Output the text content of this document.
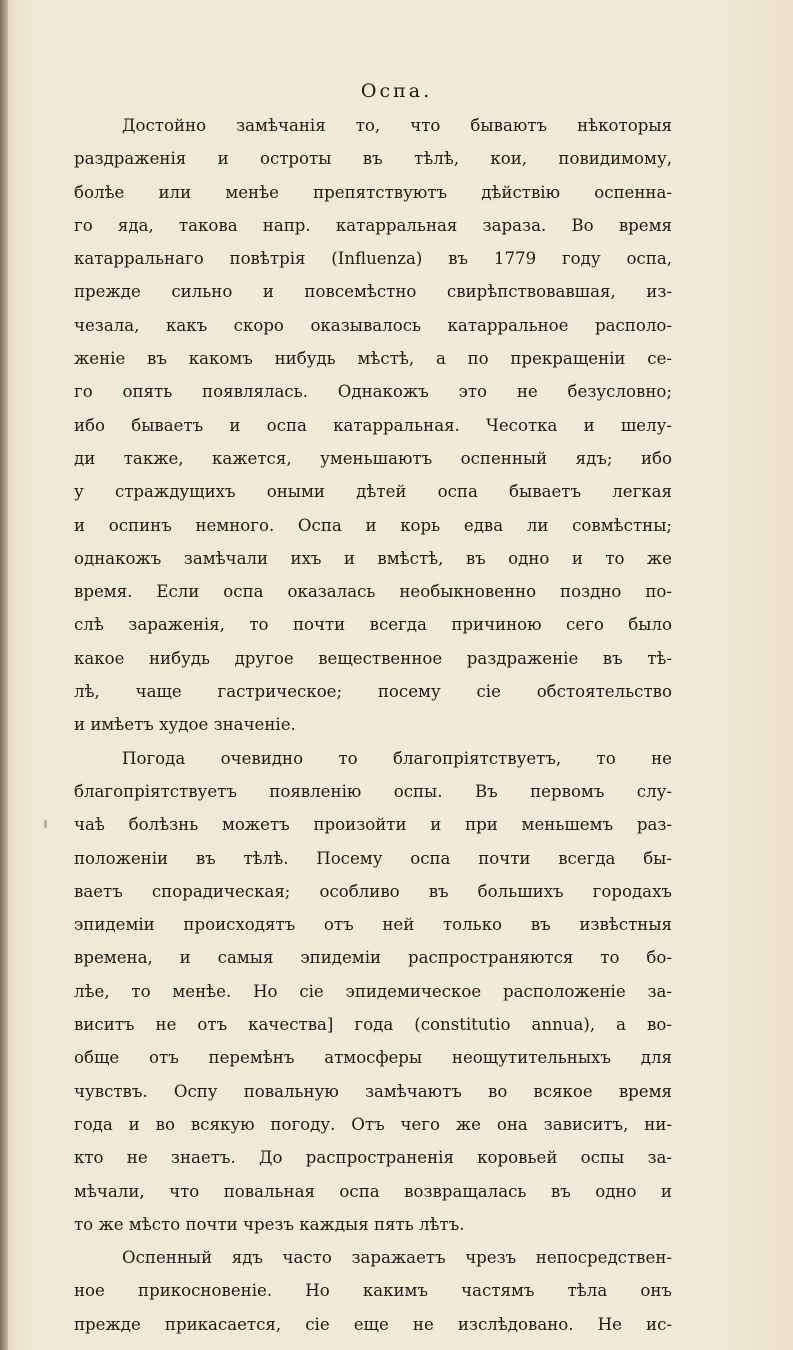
Оспа.
Достойно замѣчанія то, что бываютъ нѣкоторыя
раздраженія и остроты въ тѣлѣ, кои, повидимому,
болѣе или менѣе препятствуютъ дѣйствію оспенна-
го яда, такова напр. катарральная зараза. Во время
катарральнаго повѣтрія (Influenza) въ 1779 году оспа,
прежде сильно и повсемѣстно свирѣпствовавшая, из-
чезала, какъ скоро оказывалось катарральное располо-
женіе въ какомъ нибудь мѣстѣ, а по прекращеніи се-
го опять появлялась. Однакожъ это не безусловно;
ибо бываетъ и оспа катарральная. Чесотка и шелу-
ди также, кажется, уменьшаютъ оспенный ядъ; ибо
у страждущихъ оными дѣтей оспа бываетъ легкая
и оспинъ немного. Оспа и корь едва ли совмѣстны;
однакожъ замѣчали ихъ и вмѣстѣ, въ одно и то же
время. Если оспа оказалась необыкновенно поздно по-
слѣ зараженія, то почти всегда причиною сего было
какое нибудь другое вещественное раздраженіе въ тѣ-
лѣ, чаще гастрическое; посему сіе обстоятельство
и имѣетъ худое значеніе.
Погода очевидно то благопріятствуетъ, то не
благопріятствуетъ появленію оспы. Въ первомъ слу-
чаѣ болѣзнь можетъ произойти и при меньшемъ раз-
положеніи въ тѣлѣ. Посему оспа почти всегда бы-
ваетъ спорадическая; особливо въ большихъ городахъ
эпидеміи происходятъ отъ ней только въ извѣстныя
времена, и самыя эпидеміи распространяются то бо-
лѣе, то менѣе. Но сіе эпидемическое расположеніе за-
виситъ не отъ качества] года (constitutio annua), а во-
обще отъ перемѣнъ атмосферы неощутительныхъ для
чувствъ. Оспу повальную замѣчаютъ во всякое время
года и во всякую погоду. Отъ чего же она зависитъ, ни-
кто не знаетъ. До распространенія коровьей оспы за-
мѣчали, что повальная оспа возвращалась въ одно и
то же мѣсто почти чрезъ каждыя пять лѣтъ.
Оспенный ядъ часто заражаетъ чрезъ непосредствен-
ное прикосновеніе. Но какимъ частямъ тѣла онъ
прежде прикасается, сіе еще не изслѣдовано. Не ис-
